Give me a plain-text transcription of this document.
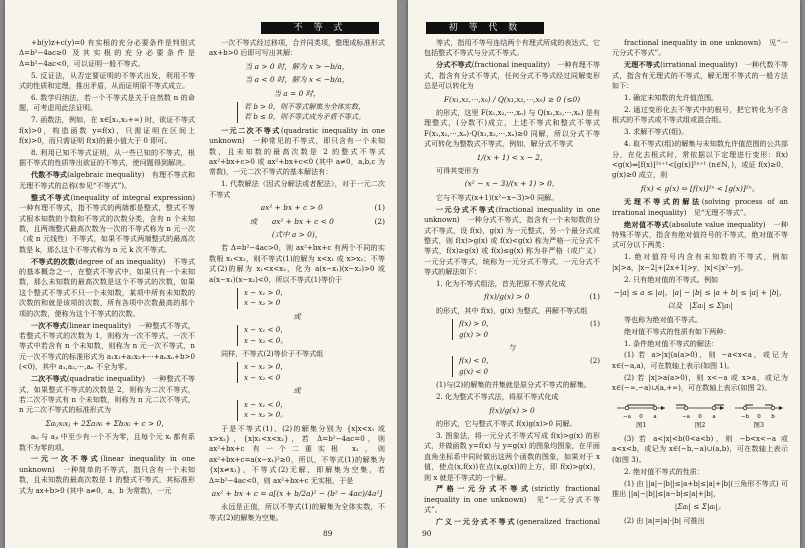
不 等 式

+b(y)z+c(y)=0 有实根的充分必要条件是判别式 Δ=b²−4ac≥0 及其实根的充分必要条件是 Δ=b²−4ac<0，可以证明一般不等式。

5. 反证法，从否定要证明的不等式出发，利用不等式的性质和定理，推出矛盾，从而证明原不等式成立。

6. 数学归纳法，若一个不等式是关于自然数 n 的命题，可考虑用此法证明。

7. 函数法，例如，在 x∈[x₁,x₂+∞) 时，欲证不等式 f(x)>0，构造函数 y=f(x)，只需证明在区间上 f(x)>0，而只需证明 f(x)的最小值大于 0 即可。

8. 利用已知不等式证明，从一些已知的不等式，根据不等式的性质等出欲证的不等式，使问题得到解决。

代数不等式(algebraic inequality)　有理不等式和无理不等式的总称(参见“不等式”)。

整式不等式(inequality of integral expression)　一种有理不等式，指不等式的两端都是整式，整式不等式根本知数的个数和不等式的次数分类，含有 n 个未知数，且两端整式最高次数为一次的不等式称为 n 元一次（或 n 元线性）不等式，如果不等式两端整式的最高次数是 k，那么这个不等式称为 n 元 k 次不等式。

不等式的次数(degree of an inequality)　不等式的基本概念之一，在整式不等式中，如果只有一个未知数，那么未知数的最高次数是这个不等式的次数，如果这个整式不等式不只一个未知数，某项中所有未知数的次数的和就是该项的次数，所有各项中次数最高的那个项的次数，便称为这个不等式的次数。

一次不等式(linear inequality)　一种整式不等式，若整式不等式的次数为 1，则称为一次不等式，一次不等式中若含有 n 个未知数，则称为 n 元一次不等式，n 元一次不等式的标准形式为 a₁x₁+a₂x₂+⋯+aₙxₙ+b>0 (<0)，其中 a₁,a₂,⋯,aₙ 不全为零。

二次不等式(quadratic inequality)　一种整式不等式，如果整式不等式的次数是 2，则称为二次不等式，若二次不等式有 n 个未知数，则称为 n 元二次不等式，n 元二次不等式的标准形式为

Σaᵢⱼxᵢxⱼ + 2Σaᵢxᵢ + Σbᵢxᵢ + c > 0，

aᵢⱼ 与 aⱼᵢ 中至少有一个不为零，且每个元 xᵢ 都有系数不为零的项。

一元一次不等式(linear inequality in one unknown)　一种简单的不等式，指只含有一个未知数，且未知数的最高次数是 1 的整式不等式，其标准形式为 ax+b>0 (其中 a≠0，a、b 为常数)，一元

一次不等式经过移项，合并同类项，整理成标准形式 ax+b>0 后即可写出其解：

当 a > 0 时，解为 x > −b/a，
当 a < 0 时，解为 x < −b/a，
当 a = 0 时，
若 b > 0，则不等式解集为全体实数，
若 b ≤ 0，则不等式成为矛盾不等式。

一元二次不等式(quadratic inequality in one unknown)　一种常见的不等式，即只含有一个未知数，且未知数的最高次数是 2 的整式不等式 ax²+bx+c>0 或 ax²+bx+c<0 (其中 a≠0，a,b,c 为常数)，一元二次不等式的基本解法有：

1. 代数解法（因式分解法或者配法），对于一元二次不等式

(1)
ax² + bx + c > 0
(2)
或　　ax² + bx + c < 0
(式中 a > 0)，

若 Δ=b²−4ac>0，则 ax²+bx+c 有两个不同的实数根 x₁<x₂，则不等式(1)的解为 x<x₁ 或 x>x₂；不等式(2)的解为 x₁<x<x₂，化为 a(x−x₁)(x−x₂)>0 或 a(x−x₁)(x−x₂)<0，所以不等式(1)等价于

x − x₁ > 0，
x − x₂ > 0
或
x − x₁ < 0，
x − x₂ < 0。

同样，不等式(2)等价于不等式组

x − x₁ > 0，
x − x₂ < 0
或
x − x₁ < 0，
x − x₂ > 0。

于是不等式(1)、(2)的解集分别为 {x|x<x₁ 或 x>x₂}，{x|x₁<x<x₂}，若 Δ=b²−4ac=0，则 ax²+bx+c 有一个二重实根 x₁，则 ax²+bx+c=a(x−x₁)²≥0，所以，不等式(1)的解集为 {x|x≠x₁}，不等式(2)无解，即解集为空集，若 Δ=b²−4ac<0，则 ax²+bx+c 无实根，于是

ax² + bx + c = a[(x + b/2a)² − (b² − 4ac)/4a²]

永远是正值，所以不等式(1)的解集为全体实数，不等式(2)的解集为空集。

89
初 等 代 数

等式，指用不等号连结两个有理式所成的表达式，它包括整式不等式与分式不等式。

分式不等式(fractional inequality)　一种有理不等式，指含有分式不等式，任何分式不等式经过同解变形总是可以转化为

F(x₁,x₂,⋯,xₙ) / Q(x₁,x₂,⋯,xₙ) ≥ 0 (≤0)

的形式，这里 F(x₁,x₂,⋯,xₙ) 与 Q(x₁,x₂,⋯,xₙ) 是有理整式，(分数不)成立，上述不等式和整式不等式 F(x₁,x₂,⋯,xₙ)·Q(x₁,x₂,⋯,xₙ)≥0 同解，所以分式不等式可转化为整数式不等式，例如，解分式不等式

1/(x + 1) < x − 2，

可得其变形为

(x² − x − 3)/(x + 1) > 0，

它与不等式(x+1)(x²−x−3)>0 同解。

一元分式不等式(fractional inequality in one unknown)　一种分式不等式，指含有一个未知数的分式不等式，设 f(x)，g(x) 为一元整式，另一个最分式或整式，则 f(x)>g(x) 或 f(x)<g(x) 称为严格一元分式不等式，f(x)≥g(x) 或 f(x)≤g(x) 称为非严格（或广义）一元分式不等式，统称为一元分式不等式，一元分式不等式的解法如下：

1. 化为不等式组法，首先把原不等式化成

(1)
f(x)/g(x) > 0

的形式，其中 f(x)，g(x) 为整式，再解不等式组

(1)
f(x) > 0，
g(x) > 0
与
(2)
f(x) < 0，
g(x) < 0

(1)与(2)的解集的并集就是原分式不等式的解集。

2. 化为整式不等式法，将原不等式化成

f(x)/g(x) > 0

的形式，它与整式不等式 f(x)g(x)>0 同解。

3. 图象法，将一元分式不等式写成 f(x)>g(x) 的形式，并做函数 y=f(x) 与 y=g(x) 的图象均图象，在平面直角坐标系中同时做出这两个函数的图象，如果对于 x 值，使点(x,f(x))在点(x,g(x))的上方，即 f(x)>g(x)，则 x 就是不等式的一个解。

严格一元分式不等式(strictly fractional inequality in one unknown)　见“一元分式不等式”。

广义一元分式不等式(generalized fractional 　

fractional inequality in one unknown)　见“一元分式不等式”。

无理不等式(irrational inequality)　一种代数不等式，指含有无理式的不等式，解无理不等式的一般方法如下：

1. 确定未知数的允许值范围。

2. 通过变形化去不等式中的根号，把它转化为不含根式的不等式或不等式组或混合组。

3. 求解不等式(组)。

4. 取不等式(组)的解集与未知数允许值范围的公共部分，在化去根式时，常依据以下定理进行变形：f(x)<g(x)⇔[f(x)]²ⁿ⁺¹<[g(x)]²ⁿ⁺¹ (n∈N，)，或证 f(x)≥0，g(x)≥0 成立，则

f(x) < g(x) ⇔ [f(x)]²ⁿ < [g(x)]²ⁿ。

无理不等式的解法(solving process of an irrational inequality)　见“无理不等式”。

绝对值不等式(absolute value inequality)　一种特殊不等式，指含有绝对值符号的不等式，绝对值不等式可分以下两类：

1. 绝对值符号内含有未知数的不等式，例如 |x|>a，|x−2|+|2x+1|>y，|x|<|x²−y|。

2. 只有绝对值的不等式。例如

−|a| ≤ a ≤ |a|，|a| − |b| ≤ |a + b| ≤ |a| + |b|，
以及　|Σaᵢ| ≤ Σ|aᵢ|

等也称为绝对值不等式。

绝对值不等式的性质有如下两种：

1. 条件绝对值不等式的解法：

(1) 若 a>|x|⟨a(a>0)，则 −a<x<a，或记为 x∈(−a,a)，可在数轴上表示(如图 1)。

(2) 若 |x|>a(a>0)，则 x<−a 或 x>a，或记为 x∈(−∞,−a)∪(a,+∞)，可在数轴上表示(如图 2)。

−a 0 a
图1
−a 0 a
图2
−b 0 b
图3

(3) 若 a<|x|<b(0<a<b)，则 −b<x<−a 或 a<x<b，或记为 x∈(−b,−a)∪(a,b)，可在数轴上表示(如图 3)。

2. 绝对值不等式的性质：

(1) 由 ||a|−|b||≤|a+b|≤|a|+|b|(三角形不等式) 可推出 ||a|−|b||≤|a−b|≤|a|+|b|，

|Σaᵢ| ≤ Σ|aᵢ|。

(2) 由 |a|=|a|·|b| 可推出

90
